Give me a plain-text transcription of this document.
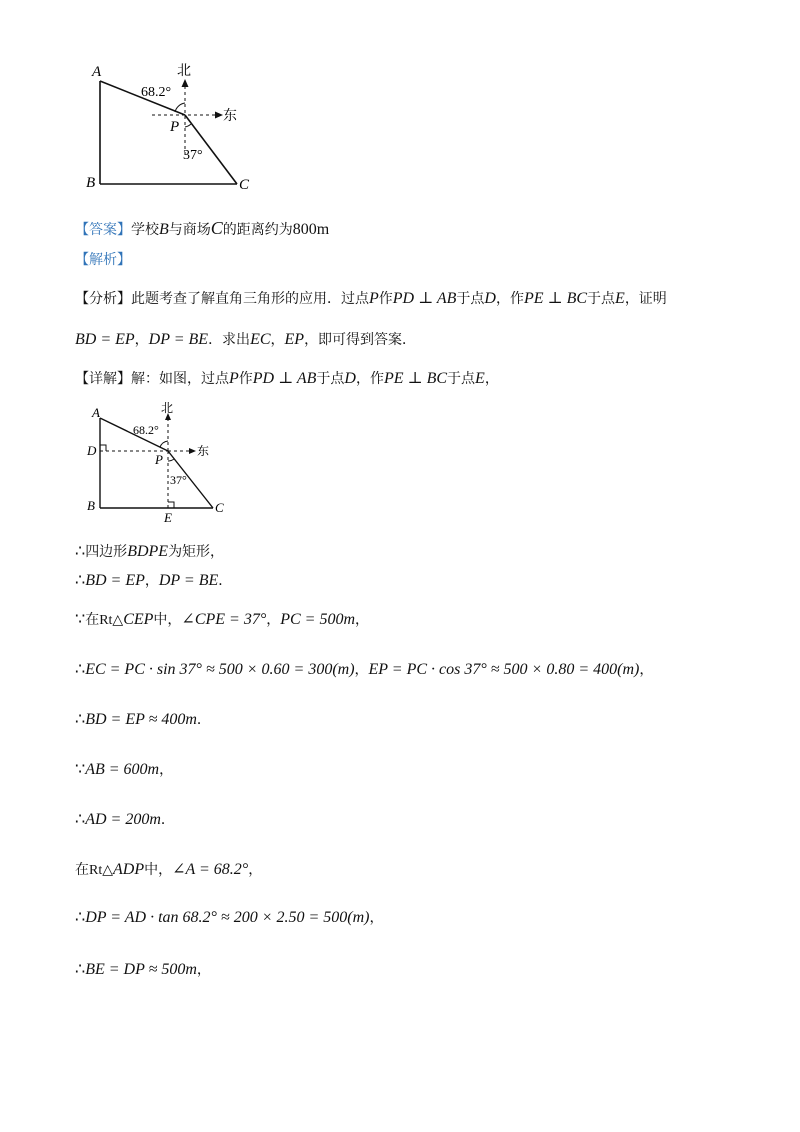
A
B	C
P
北
东
68.2°
37°
【答案】学校B与商场C的距离约为800m
【解析】
【分析】此题考查了解直角三角形的应用．过点P作PD ⊥ AB于点D，作PE ⊥ BC于点E，证明
BD = EP，DP = BE．求出EC，EP，即可得到答案．
【详解】解：如图，过点P作PD ⊥ AB于点D，作PE ⊥ BC于点E，
A
B	C
D
E
P
北
东
68.2°
37°
∴四边形BDPE为矩形，
∴BD = EP，DP = BE．
∵在Rt△CEP中，∠CPE = 37°，PC = 500m，
∴EC = PC · sin 37° ≈ 500 × 0.60 = 300(m)，EP = PC · cos 37° ≈ 500 × 0.80 = 400(m)，
∴BD = EP ≈ 400m．
∵AB = 600m，
∴AD = 200m．
在Rt△ADP中，∠A = 68.2°，
∴DP = AD · tan 68.2° ≈ 200 × 2.50 = 500(m)，
∴BE = DP ≈ 500m，
